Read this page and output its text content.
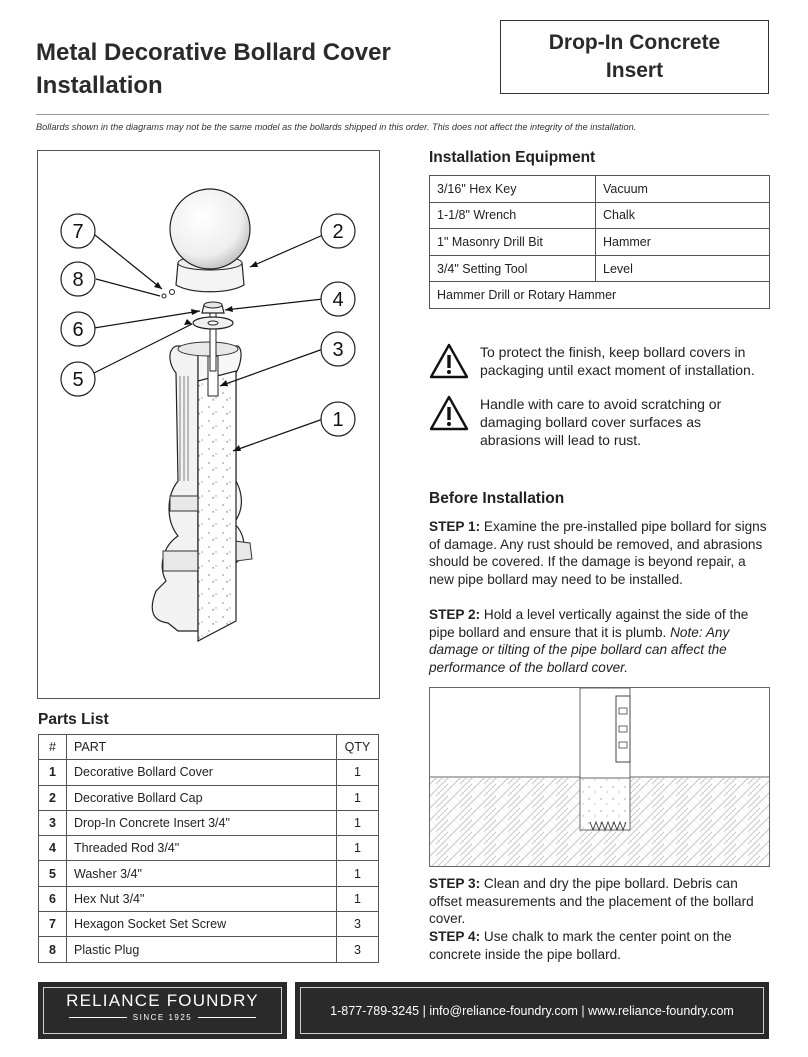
Metal Decorative Bollard Cover Installation
Drop-In Concrete Insert
Bollards shown in the diagrams may not be the same model as the bollards shipped in this order. This does not affect the integrity of the installation.
7
8
6
5
2
4
3
1
Installation Equipment
3/16" Hex Key	Vacuum
1-1/8" Wrench	Chalk
1" Masonry Drill Bit	Hammer
3/4" Setting Tool	Level
Hammer Drill or Rotary Hammer	
To protect the finish, keep bollard covers in packaging until exact moment of installation.
Handle with care to avoid scratching or damaging bollard cover surfaces as abrasions will lead to rust.
Before Installation
STEP 1: Examine the pre-installed pipe bollard for signs of damage. Any rust should be removed, and abrasions should be covered. If the damage is beyond repair, a new pipe bollard may need to be installed.
STEP 2: Hold a level vertically against the side of the pipe bollard and ensure that it is plumb. Note: Any damage or tilting of the pipe bollard can affect the performance of the bollard cover.
STEP 3: Clean and dry the pipe bollard. Debris can offset measurements and the placement of the bollard cover.
STEP 4: Use chalk to mark the center point on the concrete inside the pipe bollard.
Parts List
#	PART	QTY
1	Decorative Bollard Cover	1
2	Decorative Bollard Cap	1
3	Drop-In Concrete Insert 3/4"	1
4	Threaded Rod 3/4"	1
5	Washer 3/4"	1
6	Hex Nut 3/4"	1
7	Hexagon Socket Set Screw	3
8	Plastic Plug	3
RELIANCE FOUNDRY
SINCE 1925	1-877-789-3245 | info@reliance-foundry.com | www.reliance-foundry.com
